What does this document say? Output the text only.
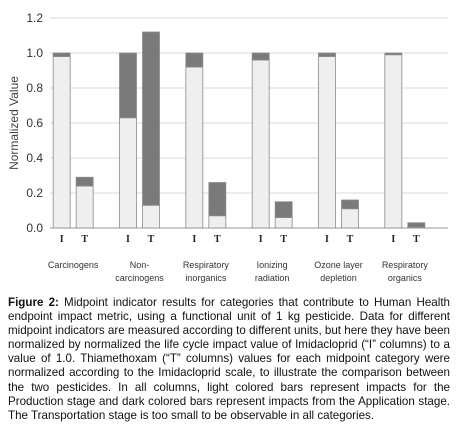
0.0
0.2
0.4
0.6
0.8
1.0
1.2
Normalized Value
I T
Carcinogens
I T
Non-
carcinogens
I T
Respiratory
inorganics
I T
Ionizing
radiation
I T
Ozone layer
depletion
I T
Respiratory
organics
Figure 2: Midpoint indicator results for categories that contribute to Human Health endpoint impact metric, using a functional unit of 1 kg pesticide. Data for different midpoint indicators are measured according to different units, but here they have been normalized by normalized the life cycle impact value of Imidacloprid (“I” columns) to a value of 1.0. Thiamethoxam (“T” columns) values for each midpoint category were normalized according to the Imidacloprid scale, to illustrate the comparison between the two pesticides. In all columns, light colored bars represent impacts for the Production stage and dark colored bars represent impacts from the Application stage. The Transportation stage is too small to be observable in all categories.
